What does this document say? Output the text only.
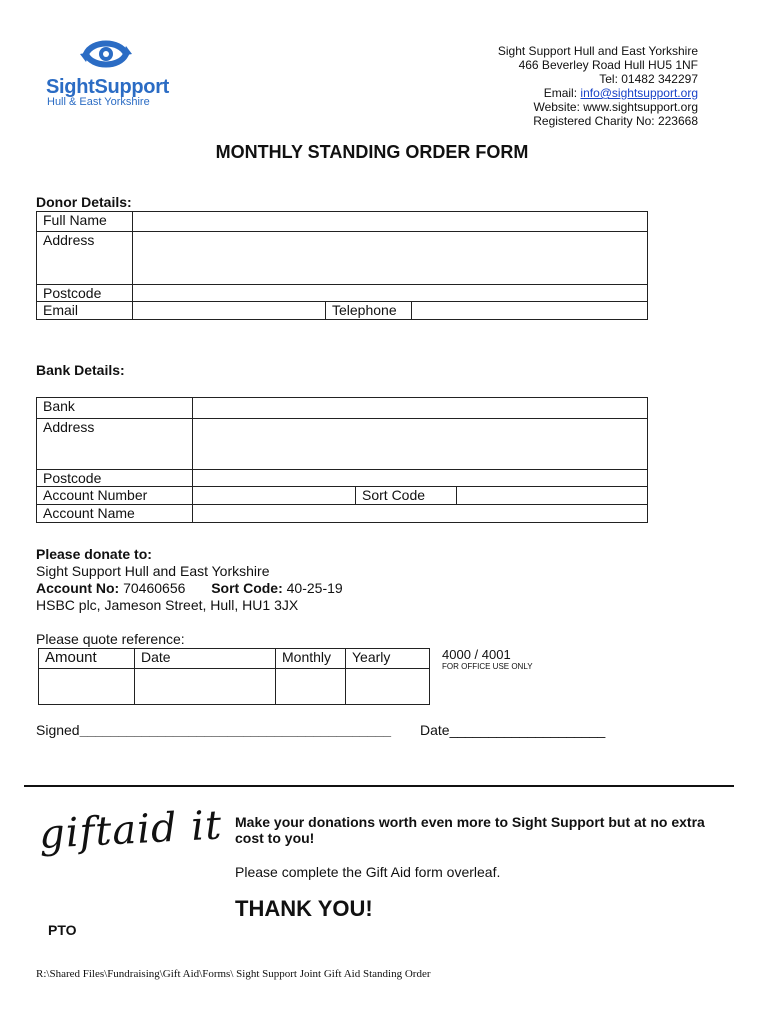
SightSupport
Hull & East Yorkshire
Sight Support Hull and East Yorkshire
466 Beverley Road Hull HU5 1NF
Tel: 01482 342297
Email: info@sightsupport.org
Website: www.sightsupport.org
Registered Charity No: 223668
MONTHLY STANDING ORDER FORM
Donor Details:
Full Name			
Address			
Postcode			
Email		Telephone	
Bank Details:
Bank			
Address			
Postcode			
Account Number		Sort Code	
Account Name			
Please donate to:
Sight Support Hull and East Yorkshire
Account No: 70460656 Sort Code: 40-25-19
HSBC plc, Jameson Street, Hull, HU1 3JX
Please quote reference:
Amount	Date	Monthly	Yearly
				4000 / 4001
FOR OFFICE USE ONLY
Signed________________________________________ Date____________________
giftaid it Make your donations worth even more to Sight Support but at no extra cost to you!
Please complete the Gift Aid form overleaf.
THANK YOU!
PTO
R:\Shared Files\Fundraising\Gift Aid\Forms\ Sight Support Joint Gift Aid Standing Order
